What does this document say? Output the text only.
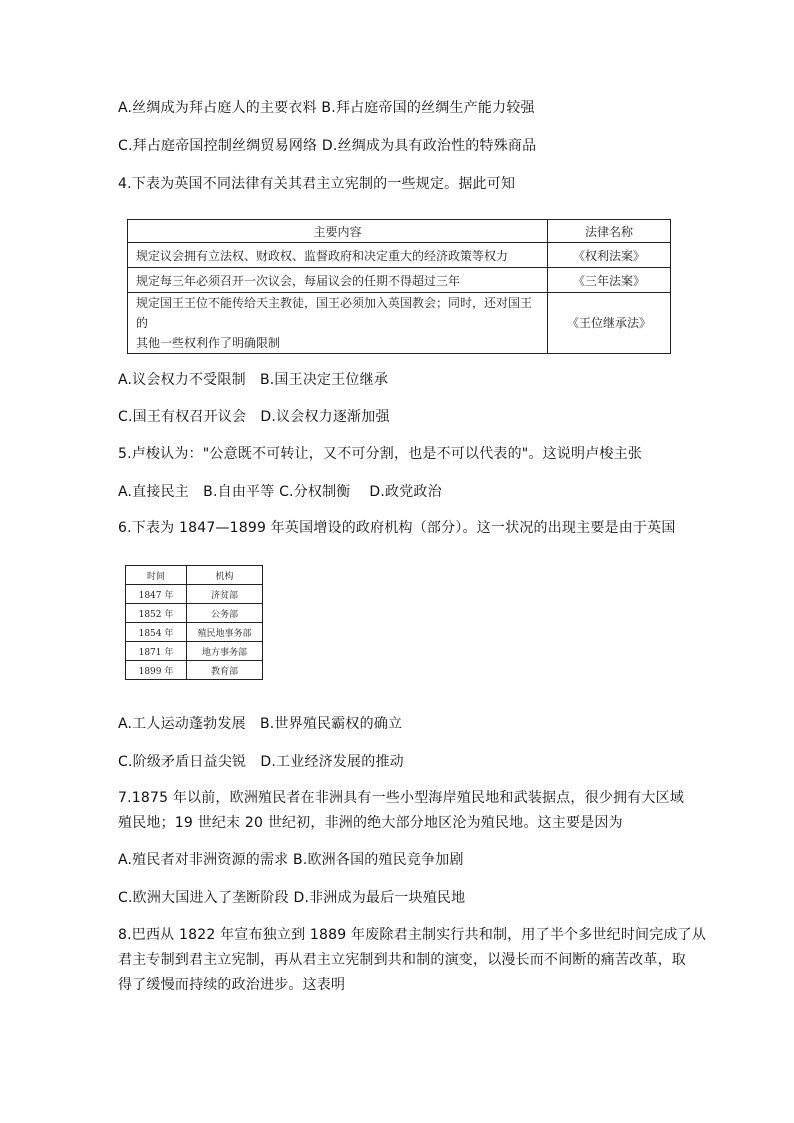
A.丝绸成为拜占庭人的主要衣料 B.拜占庭帝国的丝绸生产能力较强
C.拜占庭帝国控制丝绸贸易网络 D.丝绸成为具有政治性的特殊商品
4.下表为英国不同法律有关其君主立宪制的一些规定。据此可知
主要内容	法律名称
规定议会拥有立法权、财政权、监督政府和决定重大的经济政策等权力	《权利法案》
规定每三年必须召开一次议会，每届议会的任期不得超过三年	《三年法案》

规定国王王位不能传给天主教徒，国王必须加入英国教会；同时，还对国王的
其他一些权利作了明确限制	《王位继承法》
A.议会权力不受限制　B.国王决定王位继承
C.国王有权召开议会　D.议会权力逐渐加强
5.卢梭认为："公意既不可转让，又不可分割，也是不可以代表的"。这说明卢梭主张
A.直接民主　B.自由平等 C.分权制衡　 D.政党政治
6.下表为 1847—1899 年英国增设的政府机构（部分）。这一状况的出现主要是由于英国
时间	机构
1847 年	济贫部
1852 年	公务部
1854 年	殖民地事务部
1871 年	地方事务部
1899 年	教育部
A.工人运动蓬勃发展　B.世界殖民霸权的确立
C.阶级矛盾日益尖锐　D.工业经济发展的推动
7.1875 年以前，欧洲殖民者在非洲具有一些小型海岸殖民地和武装据点，很少拥有大区域
殖民地；19 世纪末 20 世纪初，非洲的绝大部分地区沦为殖民地。这主要是因为
A.殖民者对非洲资源的需求 B.欧洲各国的殖民竞争加剧
C.欧洲大国进入了垄断阶段 D.非洲成为最后一块殖民地
8.巴西从 1822 年宣布独立到 1889 年废除君主制实行共和制，用了半个多世纪时间完成了从
君主专制到君主立宪制，再从君主立宪制到共和制的演变，以漫长而不间断的痛苦改革，取
得了缓慢而持续的政治进步。这表明
